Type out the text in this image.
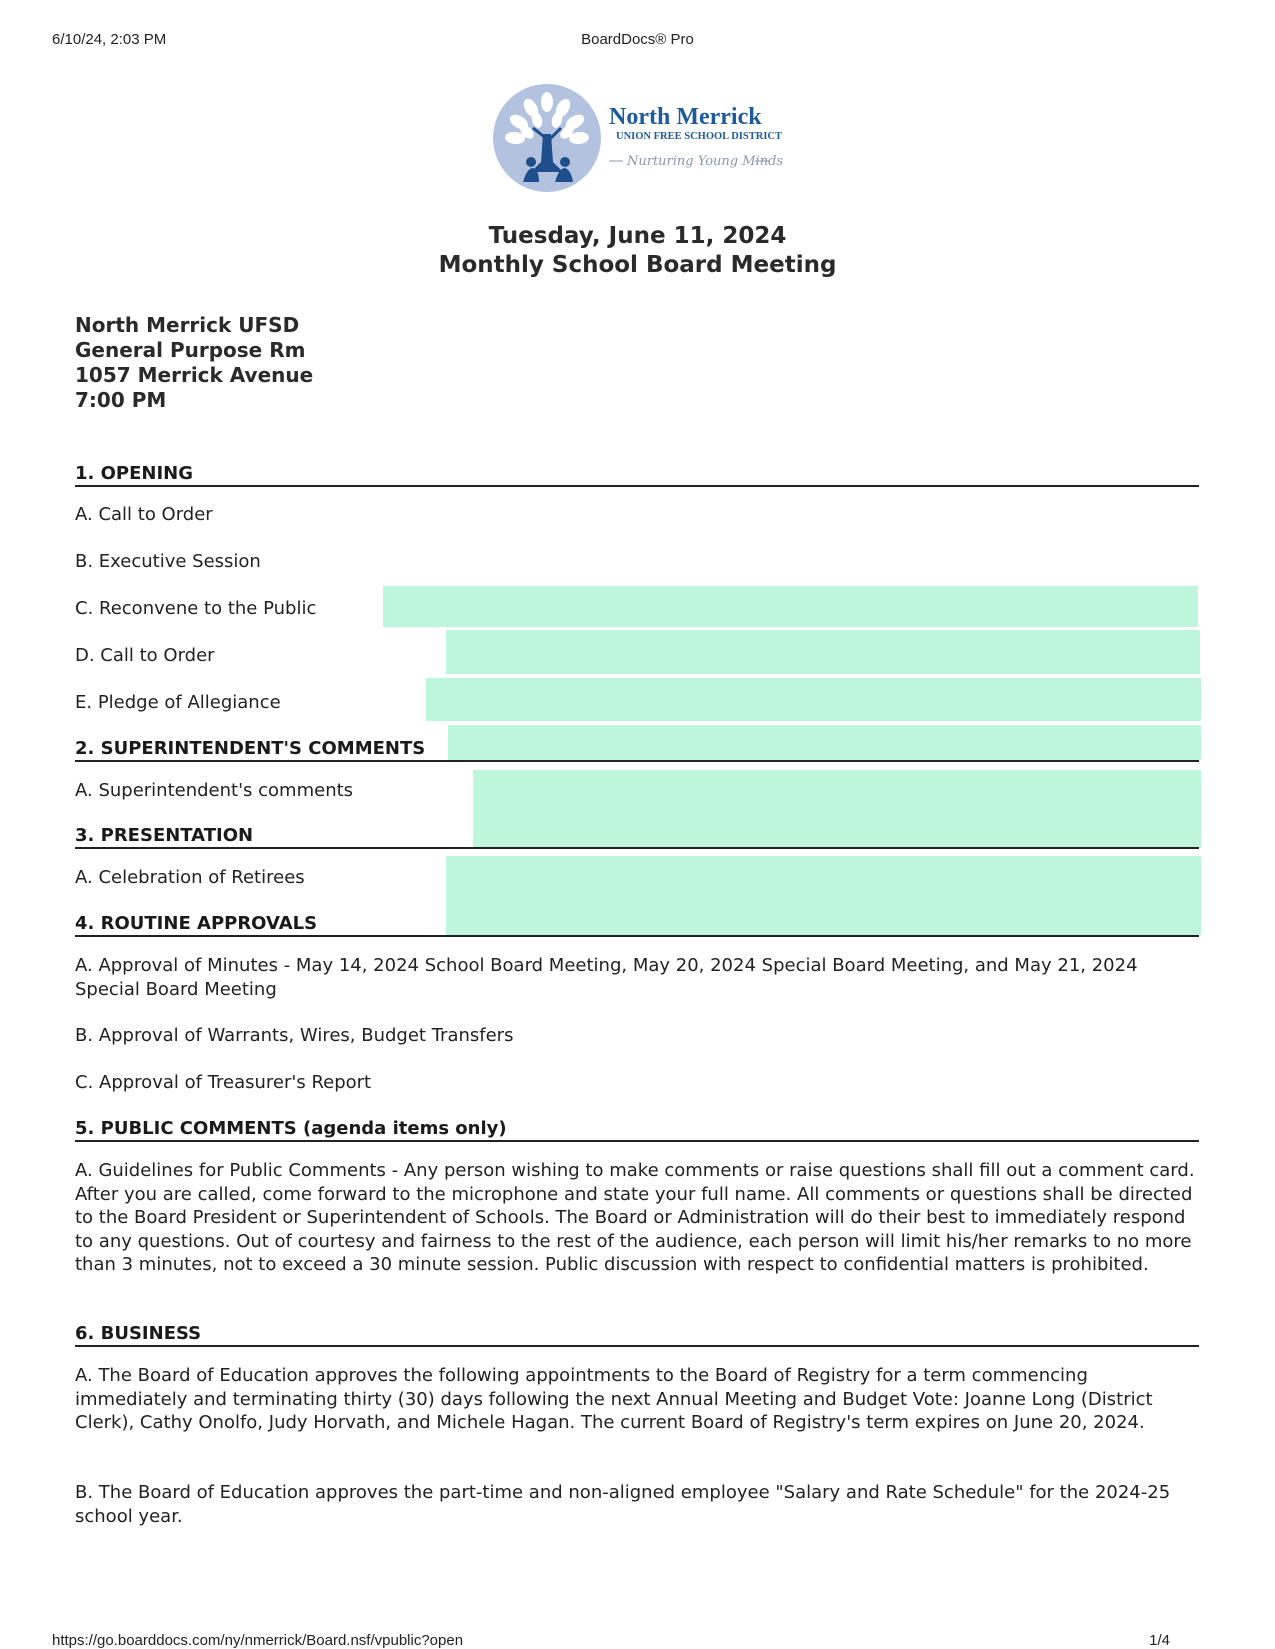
6/10/24, 2:03 PM	BoardDocs® Pro
North Merrick
UNION FREE SCHOOL DISTRICT
Nurturing Young Minds
Tuesday, June 11, 2024
Monthly School Board Meeting
North Merrick UFSD
General Purpose Rm
1057 Merrick Avenue
7:00 PM
1. OPENING
A. Call to Order
B. Executive Session
C. Reconvene to the Public
D. Call to Order
E. Pledge of Allegiance
2. SUPERINTENDENT'S COMMENTS
A. Superintendent's comments
3. PRESENTATION
A. Celebration of Retirees
4. ROUTINE APPROVALS
A. Approval of Minutes - May 14, 2024 School Board Meeting, May 20, 2024 Special Board Meeting, and May 21, 2024 Special Board Meeting
B. Approval of Warrants, Wires, Budget Transfers
C. Approval of Treasurer's Report
5. PUBLIC COMMENTS (agenda items only)
A. Guidelines for Public Comments - Any person wishing to make comments or raise questions shall fill out a comment card. After you are called, come forward to the microphone and state your full name. All comments or questions shall be directed to the Board President or Superintendent of Schools. The Board or Administration will do their best to immediately respond to any questions. Out of courtesy and fairness to the rest of the audience, each person will limit his/her remarks to no more than 3 minutes, not to exceed a 30 minute session. Public discussion with respect to confidential matters is prohibited.
6. BUSINESS
A. The Board of Education approves the following appointments to the Board of Registry for a term commencing immediately and terminating thirty (30) days following the next Annual Meeting and Budget Vote: Joanne Long (District Clerk), Cathy Onolfo, Judy Horvath, and Michele Hagan. The current Board of Registry's term expires on June 20, 2024.
B. The Board of Education approves the part-time and non-aligned employee "Salary and Rate Schedule" for the 2024-25 school year.
https://go.boarddocs.com/ny/nmerrick/Board.nsf/vpublic?open	1/4
